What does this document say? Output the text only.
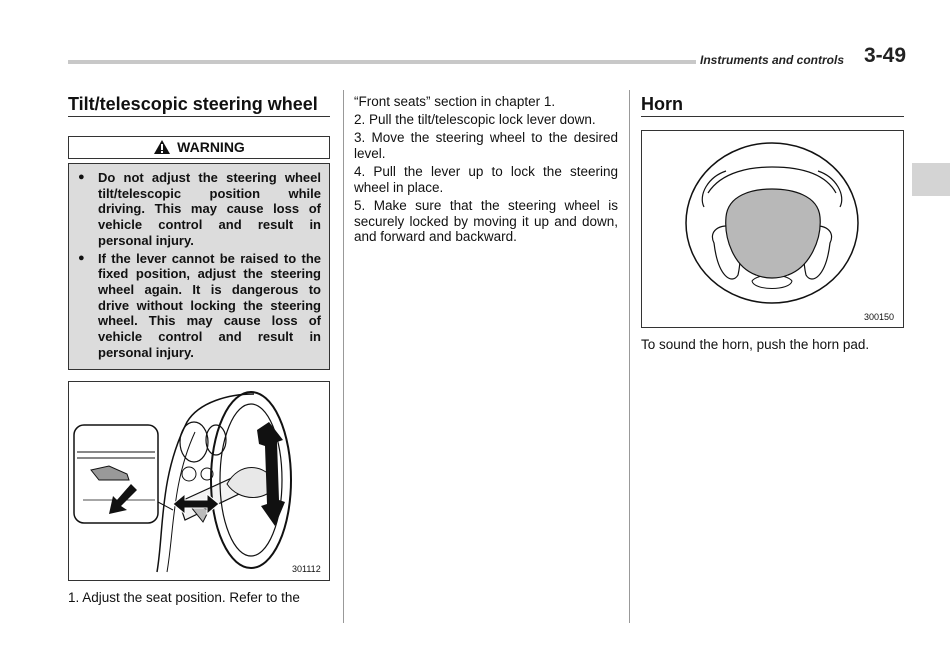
Instruments and controls 3-49
Tilt/telescopic steering wheel
WARNING
● Do not adjust the steering wheel tilt/telescopic position while driving. This may cause loss of vehicle control and result in personal injury.
● If the lever cannot be raised to the fixed position, adjust the steering wheel again. It is dangerous to drive without locking the steering wheel. This may cause loss of vehicle control and result in personal injury.
301112

1. Adjust the seat position. Refer to the

“Front seats” section in chapter 1.

2. Pull the tilt/telescopic lock lever down.

3. Move the steering wheel to the desired level.

4. Pull the lever up to lock the steering wheel in place.

5. Make sure that the steering wheel is securely locked by moving it up and down, and forward and backward.

Horn
300150

To sound the horn, push the horn pad.
